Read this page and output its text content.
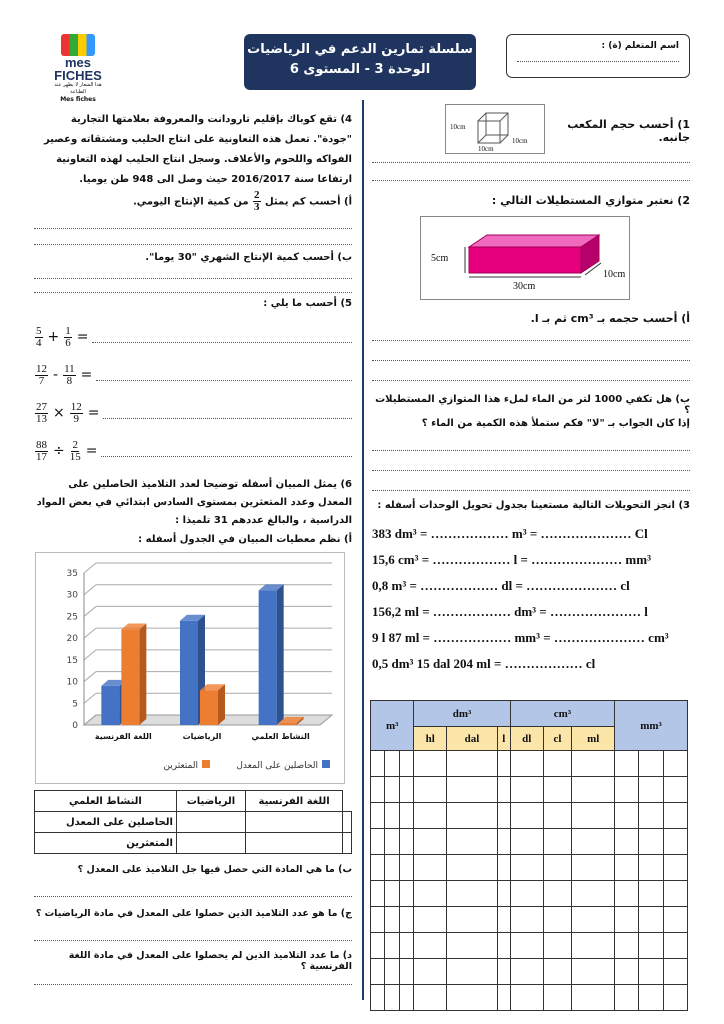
mes FICHES
هذا الشعار لا يظهر عند الطباعة
Mes fiches
سلسلة تمارين الدعم في الرياضيات
الوحدة 3 - المستوى 6
اسم المتعلم (ة) :
1) أحسب حجم المكعب جانبه.
10cm
10cm
10cm
2) نعتبر متوازي المستطيلات التالي :
5cm
30cm
10cm
أ) أحسب حجمه بـ cm³ ثم بـ l.
ب) هل تكفي 1000 لتر من الماء لملء هذا المتوازي المستطيلات ؟
إذا كان الجواب بـ "لا" فكم ستملأ هذه الكمية من الماء ؟
3) انجز التحويلات التالية مستعينا بجدول تحويل الوحدات أسفله :
383 dm³ = ……………… m³ = ………………… Cl
15,6 cm³ = ……………… l = ………………… mm³
0,8 m³ = ……………… dl = ………………… cl
156,2 ml = ……………… dm³ = ………………… l
9 l 87 ml = ……………… mm³ = ………………… cm³
0,5 dm³ 15 dal 204 ml = ……………… cl
m³			dm³			cm³			mm³		
			hl	dal	l	dl	cl	ml			

4) تقع كوباك بإقليم تارودانت والمعروفة بعلامتها التجارية "جودة". تعمل هذه التعاونية على انتاج الحليب ومشتقاته وعصير الفواكه واللحوم والأعلاف. وسجل انتاج الحليب لهذه التعاونية ارتفاعا سنة 2016/2017 حيث وصل الى 948 طن يوميا.
أ) أحسب كم يمثل
$\frac{2}{3}$
من كمية الإنتاج اليومي.
ب) أحسب كمية الإنتاج الشهري "30 يوما".
5) أحسب ما يلي :
$\frac{5}{4} + \frac{1}{6}$ =
$\frac{12}{7} - \frac{11}{8}$ =
$\frac{27}{13} \times \frac{12}{9}$ =
$\frac{88}{17} \div \frac{2}{15}$ =
6) يمثل المبيان أسفله توضيحا لعدد التلاميذ الحاصلين على المعدل وعدد المتعثرين بمستوى السادس ابتدائي في بعض المواد الدراسية ، والبالغ عددهم 31 تلميذا :
أ) نظم معطيات المبيان في الجدول أسفله :
0
5
10
15
20
25
30
35
اللغة الفرنسية	الرياضيات	النشاط العلمي
الحاصلين على المعدل
المتعثرين
النشاط العلمي	الرياضيات	اللغة الفرنسية	
الحاصلين على المعدل			
المتعثرين			
ب) ما هي المادة التي حصل فيها جل التلاميذ على المعدل ؟
ج) ما هو عدد التلاميذ الذين حصلوا على المعدل في مادة الرياضيات ؟
د) ما عدد التلاميذ الذين لم يحصلوا على المعدل في مادة اللغة الفرنسية ؟
